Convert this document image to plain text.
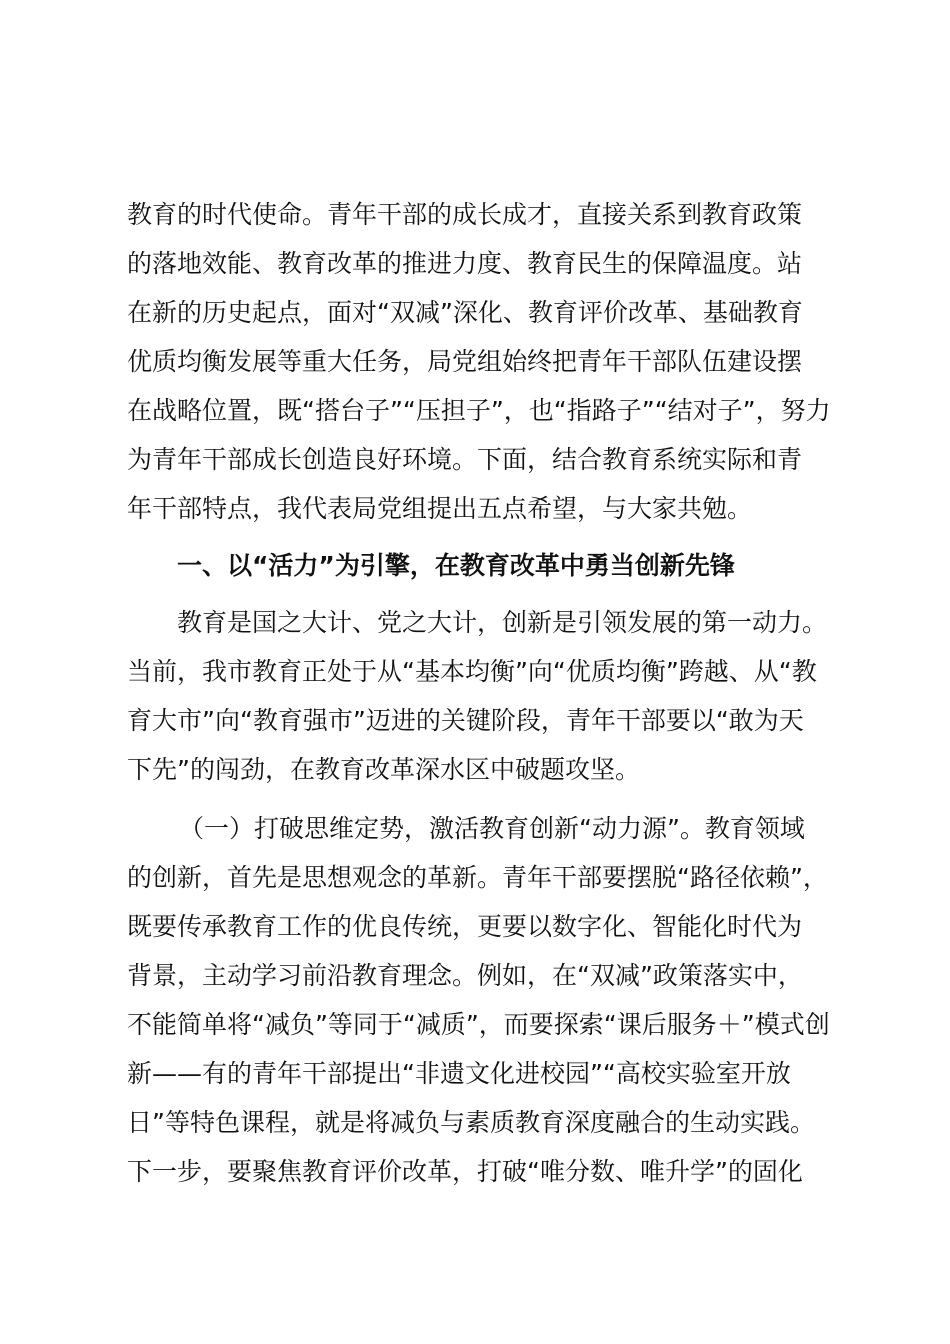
教育的时代使命。青年干部的成长成才，直接关系到教育政策
的落地效能、教育改革的推进力度、教育民生的保障温度。站
在新的历史起点，面对“双减”深化、教育评价改革、基础教育
优质均衡发展等重大任务，局党组始终把青年干部队伍建设摆
在战略位置，既“搭台子”“压担子”，也“指路子”“结对子”，努力
为青年干部成长创造良好环境。下面，结合教育系统实际和青
年干部特点，我代表局党组提出五点希望，与大家共勉。
一、以“活力”为引擎，在教育改革中勇当创新先锋
教育是国之大计、党之大计，创新是引领发展的第一动力。
当前，我市教育正处于从“基本均衡”向“优质均衡”跨越、从“教
育大市”向“教育强市”迈进的关键阶段，青年干部要以“敢为天
下先”的闯劲，在教育改革深水区中破题攻坚。
（一）打破思维定势，激活教育创新“动力源”。教育领域
的创新，首先是思想观念的革新。青年干部要摆脱“路径依赖”，
既要传承教育工作的优良传统，更要以数字化、智能化时代为
背景，主动学习前沿教育理念。例如，在“双减”政策落实中，
不能简单将“减负”等同于“减质”，而要探索“课后服务＋”模式创
新——有的青年干部提出“非遗文化进校园”“高校实验室开放
日”等特色课程，就是将减负与素质教育深度融合的生动实践。
下一步，要聚焦教育评价改革，打破“唯分数、唯升学”的固化
